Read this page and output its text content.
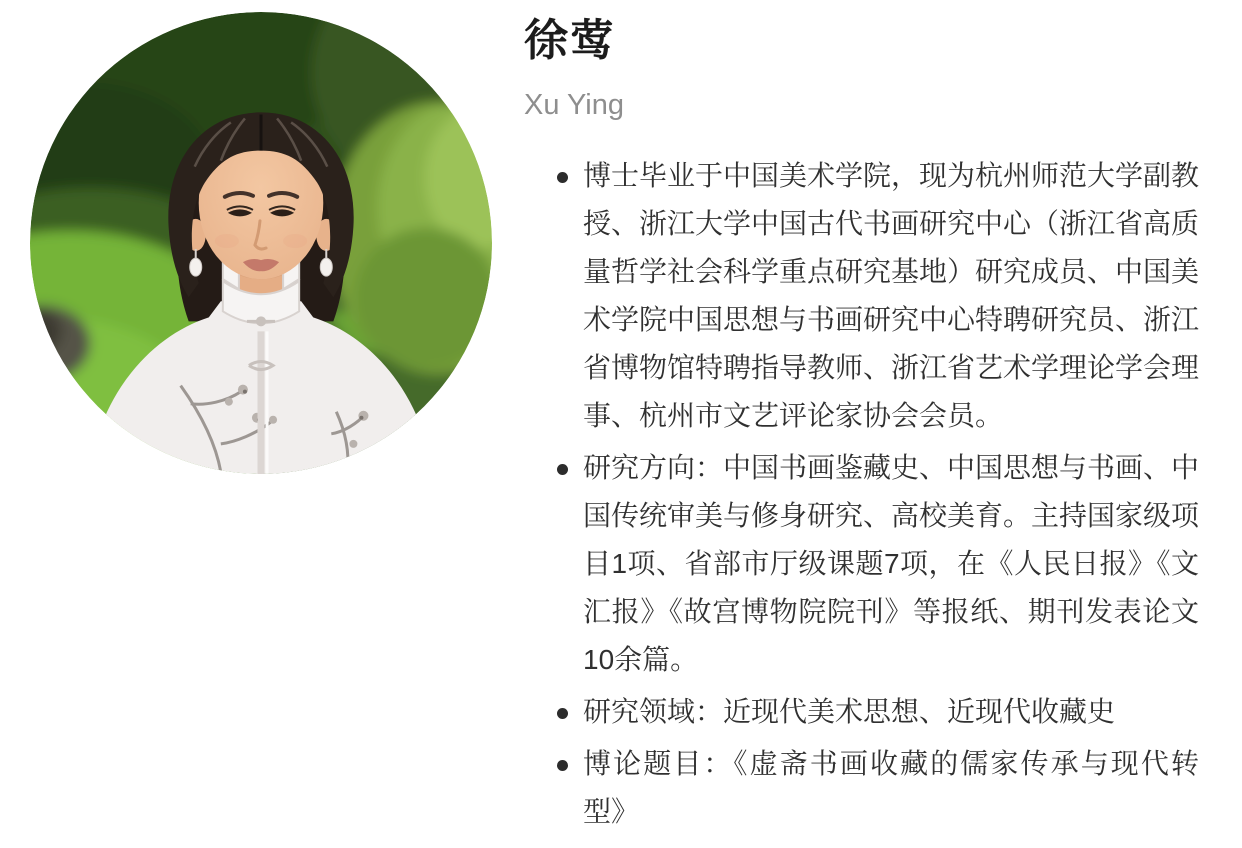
徐莺
Xu Ying
博士毕业于中国美术学院，现为杭州师范大学副教授、浙江大学中国古代书画研究中心（浙江省高质量哲学社会科学重点研究基地）研究成员、中国美术学院中国思想与书画研究中心特聘研究员、浙江省博物馆特聘指导教师、浙江省艺术学理论学会理事、杭州市文艺评论家协会会员。
研究方向：中国书画鉴藏史、中国思想与书画、中国传统审美与修身研究、高校美育。主持国家级项目1项、省部市厅级课题7项，在《人民日报》《文汇报》《故宫博物院院刊》等报纸、期刊发表论文10余篇。
研究领域：近现代美术思想、近现代收藏史
博论题目：《虚斋书画收藏的儒家传承与现代转型》
